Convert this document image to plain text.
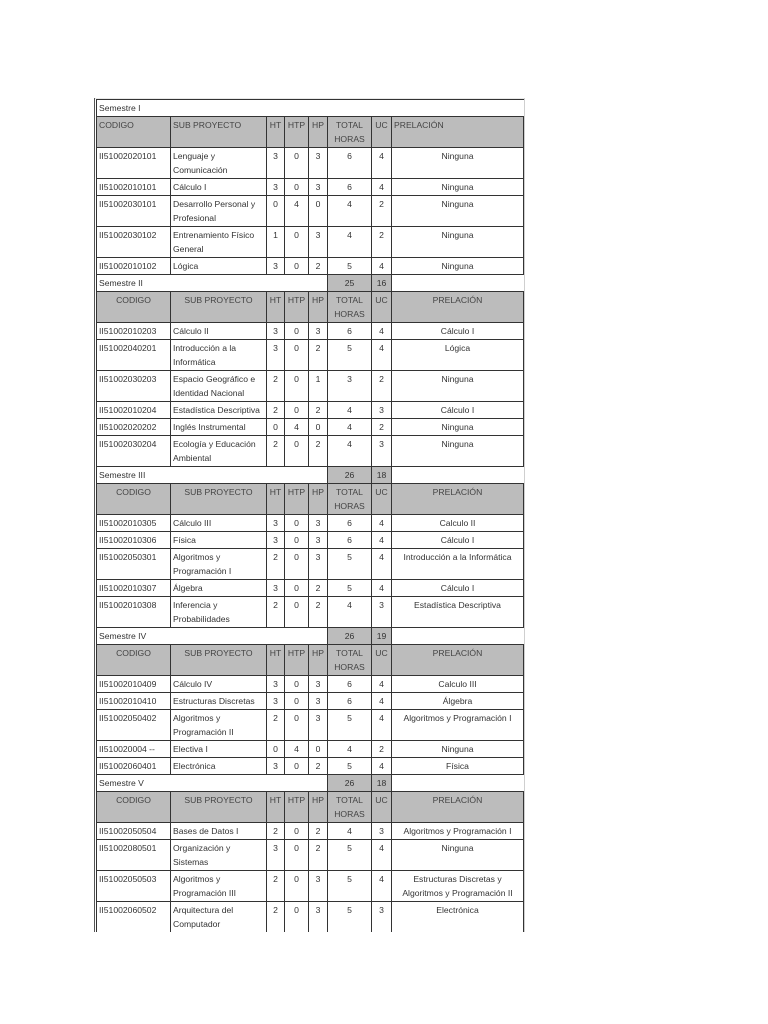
Semestre I							
CODIGO	SUB PROYECTO	HT	HTP	HP	TOTAL HORAS	UC	PRELACIÓN
II51002020101	Lenguaje y Comunicación	3	0	3	6	4	Ninguna
II51002010101	Cálculo I	3	0	3	6	4	Ninguna
II51002030101	Desarrollo Personal y Profesional	0	4	0	4	2	Ninguna
II51002030102	Entrenamiento Físico General	1	0	3	4	2	Ninguna
II51002010102	Lógica	3	0	2	5	4	Ninguna
Semestre II					25	16	
CODIGO	SUB PROYECTO	HT	HTP	HP	TOTAL HORAS	UC	PRELACIÓN
II51002010203	Cálculo II	3	0	3	6	4	Cálculo I
II51002040201	Introducción a la Informática	3	0	2	5	4	Lógica
II51002030203	Espacio Geográfico e Identidad Nacional	2	0	1	3	2	Ninguna
II51002010204	Estadística Descriptiva	2	0	2	4	3	Cálculo I
II51002020202	Inglés Instrumental	0	4	0	4	2	Ninguna
II51002030204	Ecología y Educación Ambiental	2	0	2	4	3	Ninguna
Semestre III					26	18	
CODIGO	SUB PROYECTO	HT	HTP	HP	TOTAL HORAS	UC	PRELACIÓN
II51002010305	Cálculo III	3	0	3	6	4	Calculo II
II51002010306	Física	3	0	3	6	4	Cálculo I
II51002050301	Algoritmos y Programación I	2	0	3	5	4	Introducción a la Informática
II51002010307	Álgebra	3	0	2	5	4	Cálculo I
II51002010308	Inferencia y Probabilidades	2	0	2	4	3	Estadística Descriptiva
Semestre IV					26	19	
CODIGO	SUB PROYECTO	HT	HTP	HP	TOTAL HORAS	UC	PRELACIÓN
II51002010409	Cálculo IV	3	0	3	6	4	Calculo III
II51002010410	Estructuras Discretas	3	0	3	6	4	Álgebra
II51002050402	Algoritmos y Programación II	2	0	3	5	4	Algoritmos y Programación I
II510020004 --	Electiva I	0	4	0	4	2	Ninguna
II51002060401	Electrónica	3	0	2	5	4	Física
Semestre V					26	18	
CODIGO	SUB PROYECTO	HT	HTP	HP	TOTAL HORAS	UC	PRELACIÓN
II51002050504	Bases de Datos I	2	0	2	4	3	Algoritmos y Programación I
II51002080501	Organización y Sistemas	3	0	2	5	4	Ninguna
II51002050503	Algoritmos y Programación III	2	0	3	5	4	Estructuras Discretas y Algoritmos y Programación II
II51002060502	Arquitectura del Computador	2	0	3	5	3	Electrónica
